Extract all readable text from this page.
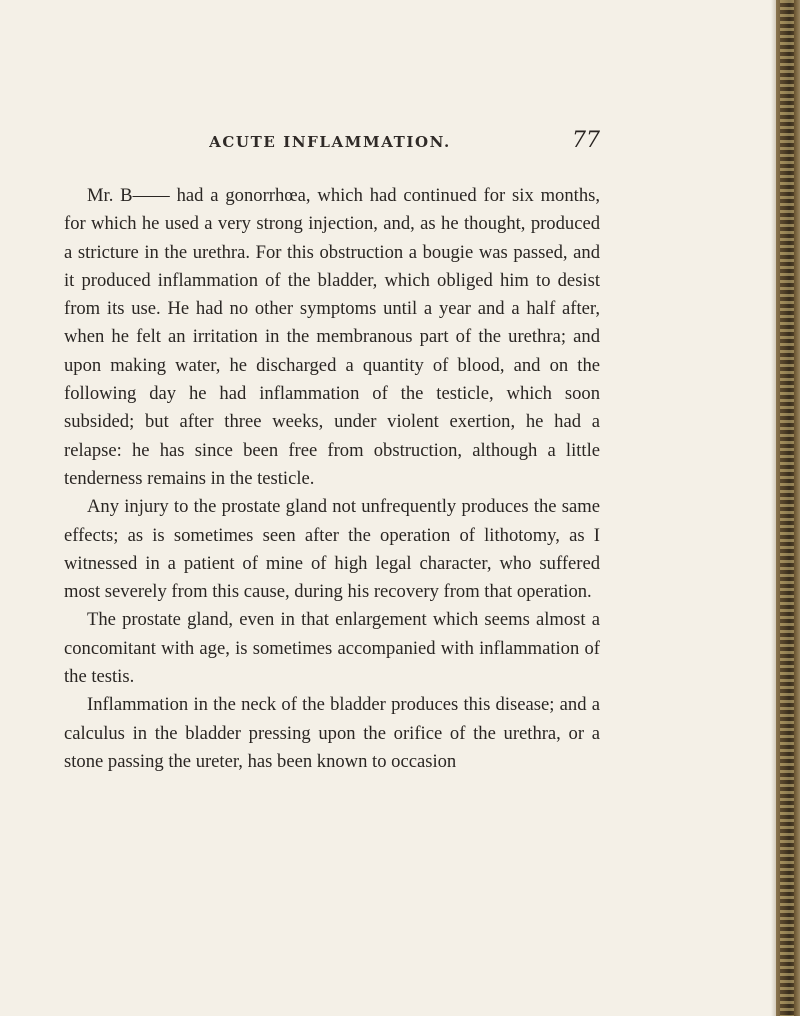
ACUTE INFLAMMATION.	77

Mr. B—— had a gonorrhœa, which had continued for six months, for which he used a very strong injection, and, as he thought, produced a stricture in the urethra. For this obstruction a bougie was passed, and it produced inflammation of the bladder, which obliged him to desist from its use. He had no other symptoms until a year and a half after, when he felt an irritation in the membranous part of the urethra; and upon making water, he discharged a quantity of blood, and on the following day he had inflammation of the testicle, which soon subsided; but after three weeks, under violent exertion, he had a relapse: he has since been free from obstruction, although a little tenderness remains in the testicle.

Any injury to the prostate gland not unfrequently produces the same effects; as is sometimes seen after the operation of lithotomy, as I witnessed in a patient of mine of high legal character, who suffered most severely from this cause, during his recovery from that operation.

The prostate gland, even in that enlargement which seems almost a concomitant with age, is sometimes accompanied with inflammation of the testis.

Inflammation in the neck of the bladder produces this disease; and a calculus in the bladder pressing upon the orifice of the urethra, or a stone passing the ureter, has been known to occasion
